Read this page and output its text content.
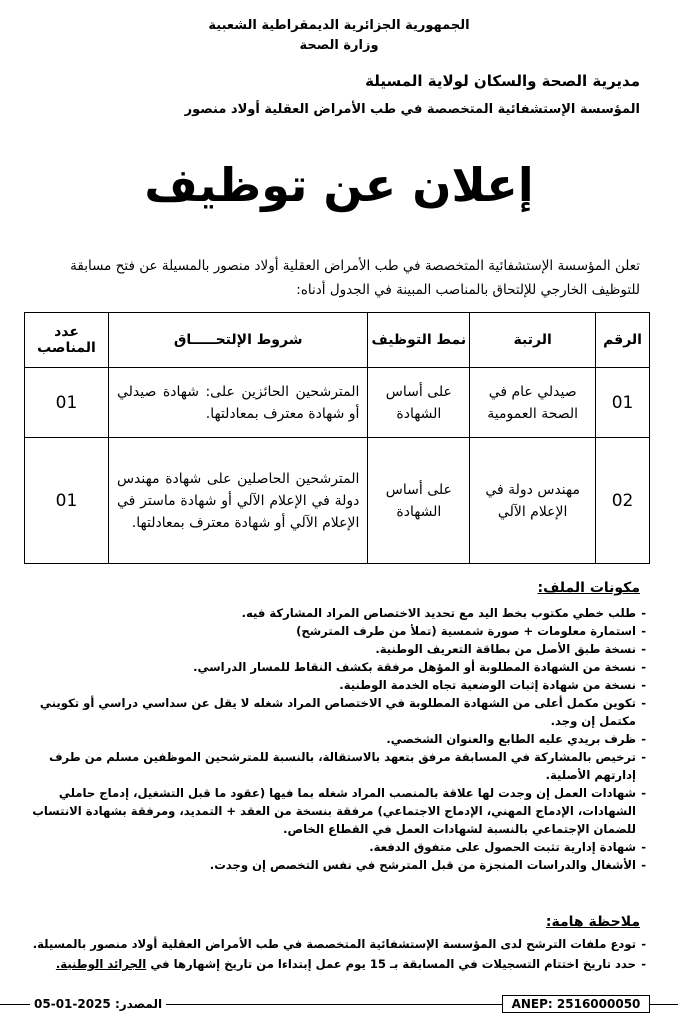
الجمهورية الجزائرية الديمقراطية الشعبية
وزارة الصحة
مديرية الصحة والسكان لولاية المسيلة
المؤسسة الإستشفائية المتخصصة في طب الأمراض العقلية أولاد منصور
إعلان عن توظيف
تعلن المؤسسة الإستشفائية المتخصصة في طب الأمراض العقلية أولاد منصور بالمسيلة عن فتح مسابقة للتوظيف الخارجي للإلتحاق بالمناصب المبينة في الجدول أدناه:
الرقم	الرتبة	نمط التوظيف	شروط الإلتحـــــاق	عدد المناصب
01	صيدلي عام في الصحة العمومية	على أساس الشهادة	المترشحين الحائزين على: شهادة صيدلي أو شهادة معترف بمعادلتها.	01
02	مهندس دولة في الإعلام الآلي	على أساس الشهادة	المترشحين الحاصلين على شهادة مهندس دولة في الإعلام الآلي أو شهادة ماستر في الإعلام الآلي أو شهادة معترف بمعادلتها.	01
مكونات الملف:
- طلب خطي مكتوب بخط اليد مع تحديد الاختصاص المراد المشاركة فيه.
- استمارة معلومات + صورة شمسية (تملأ من طرف المترشح)
- نسخة طبق الأصل من بطاقة التعريف الوطنية.
- نسخة من الشهادة المطلوبة أو المؤهل مرفقة بكشف النقاط للمسار الدراسي.
- نسخة من شهادة إثبات الوضعية تجاه الخدمة الوطنية.
- تكوين مكمل أعلى من الشهادة المطلوبة في الاختصاص المراد شغله لا يقل عن سداسي دراسي أو تكويني مكتمل إن وجد.
- ظرف بريدي عليه الطابع والعنوان الشخصي.
- ترخيص بالمشاركة في المسابقة مرفق بتعهد بالاستقالة، بالنسبة للمترشحين الموظفين مسلم من طرف إدارتهم الأصلية.
- شهادات العمل إن وجدت لها علاقة بالمنصب المراد شغله بما فيها (عقود ما قبل التشغيل، إدماج حاملي الشهادات، الإدماج المهني، الإدماج الاجتماعي) مرفقة بنسخة من العقد + التمديد، ومرفقة بشهادة الانتساب للضمان الإجتماعي بالنسبة لشهادات العمل في القطاع الخاص.
- شهادة إدارية تثبت الحصول على متفوق الدفعة.
- الأشغال والدراسات المنجزة من قبل المترشح في نفس التخصص إن وجدت.
ملاحظة هامة:
- تودع ملفات الترشح لدى المؤسسة الإستشفائية المتخصصة في طب الأمراض العقلية أولاد منصور بالمسيلة.
- حدد تاريخ اختتام التسجيلات في المسابقة بـ 15 يوم عمل إبتداءا من تاريخ إشهارها في الجرائد الوطنية.
ANEP: 2516000050
المصدر: 2025-01-05
